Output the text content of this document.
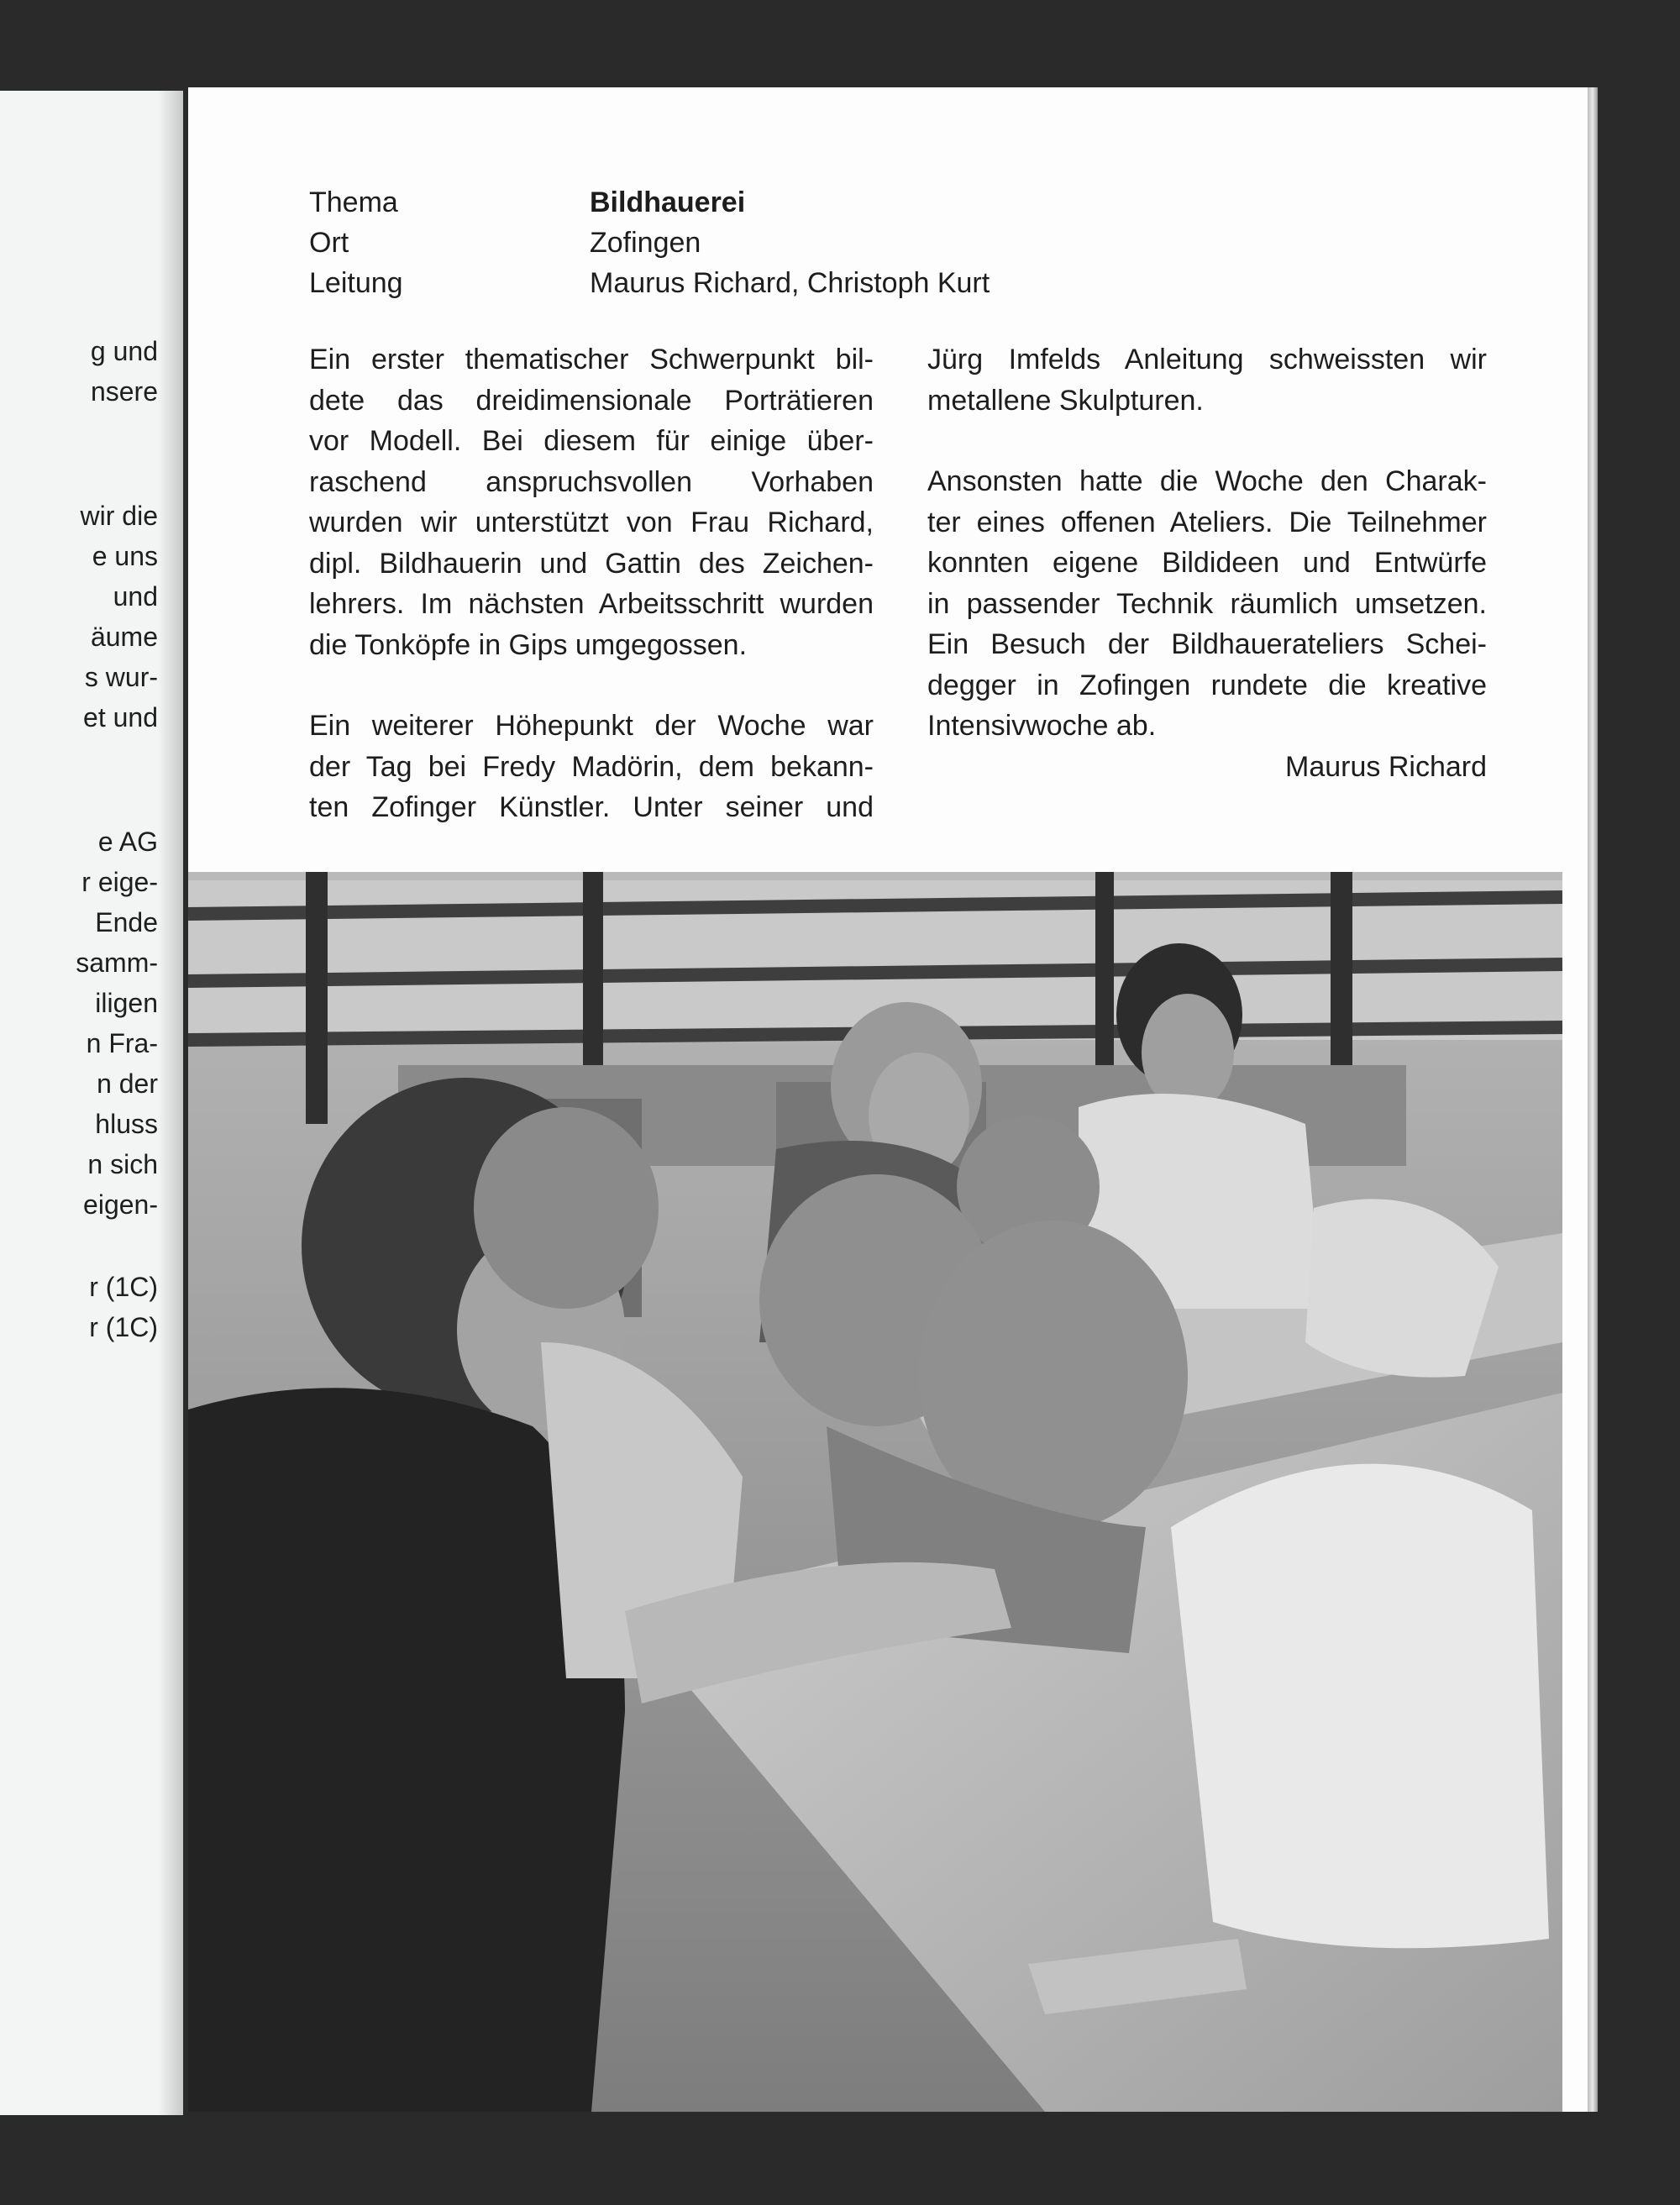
g und
nsere
wir die
e uns
und
äume
s wur-
et und
e AG
r eige-
Ende
samm-
iligen
n Fra-
n der
hluss
n sich
eigen-
r (1C)
r (1C)
Thema	Bildhauerei
Ort	Zofingen
Leitung	Maurus Richard, Christoph Kurt

Ein erster thematischer Schwerpunkt bil-

dete das dreidimensionale Porträtieren

vor Modell. Bei diesem für einige über-

raschend anspruchsvollen Vorhaben

wurden wir unterstützt von Frau Richard,

dipl. Bildhauerin und Gattin des Zeichen-

lehrers. Im nächsten Arbeitsschritt wurden

die Tonköpfe in Gips umgegossen.

Ein weiterer Höhepunkt der Woche war

der Tag bei Fredy Madörin, dem bekann-

ten Zofinger Künstler. Unter seiner und

Jürg Imfelds Anleitung schweissten wir

metallene Skulpturen.

Ansonsten hatte die Woche den Charak-

ter eines offenen Ateliers. Die Teilnehmer

konnten eigene Bildideen und Entwürfe

in passender Technik räumlich umsetzen.

Ein Besuch der Bildhauerateliers Schei-

degger in Zofingen rundete die kreative

Intensivwoche ab.

Maurus Richard
